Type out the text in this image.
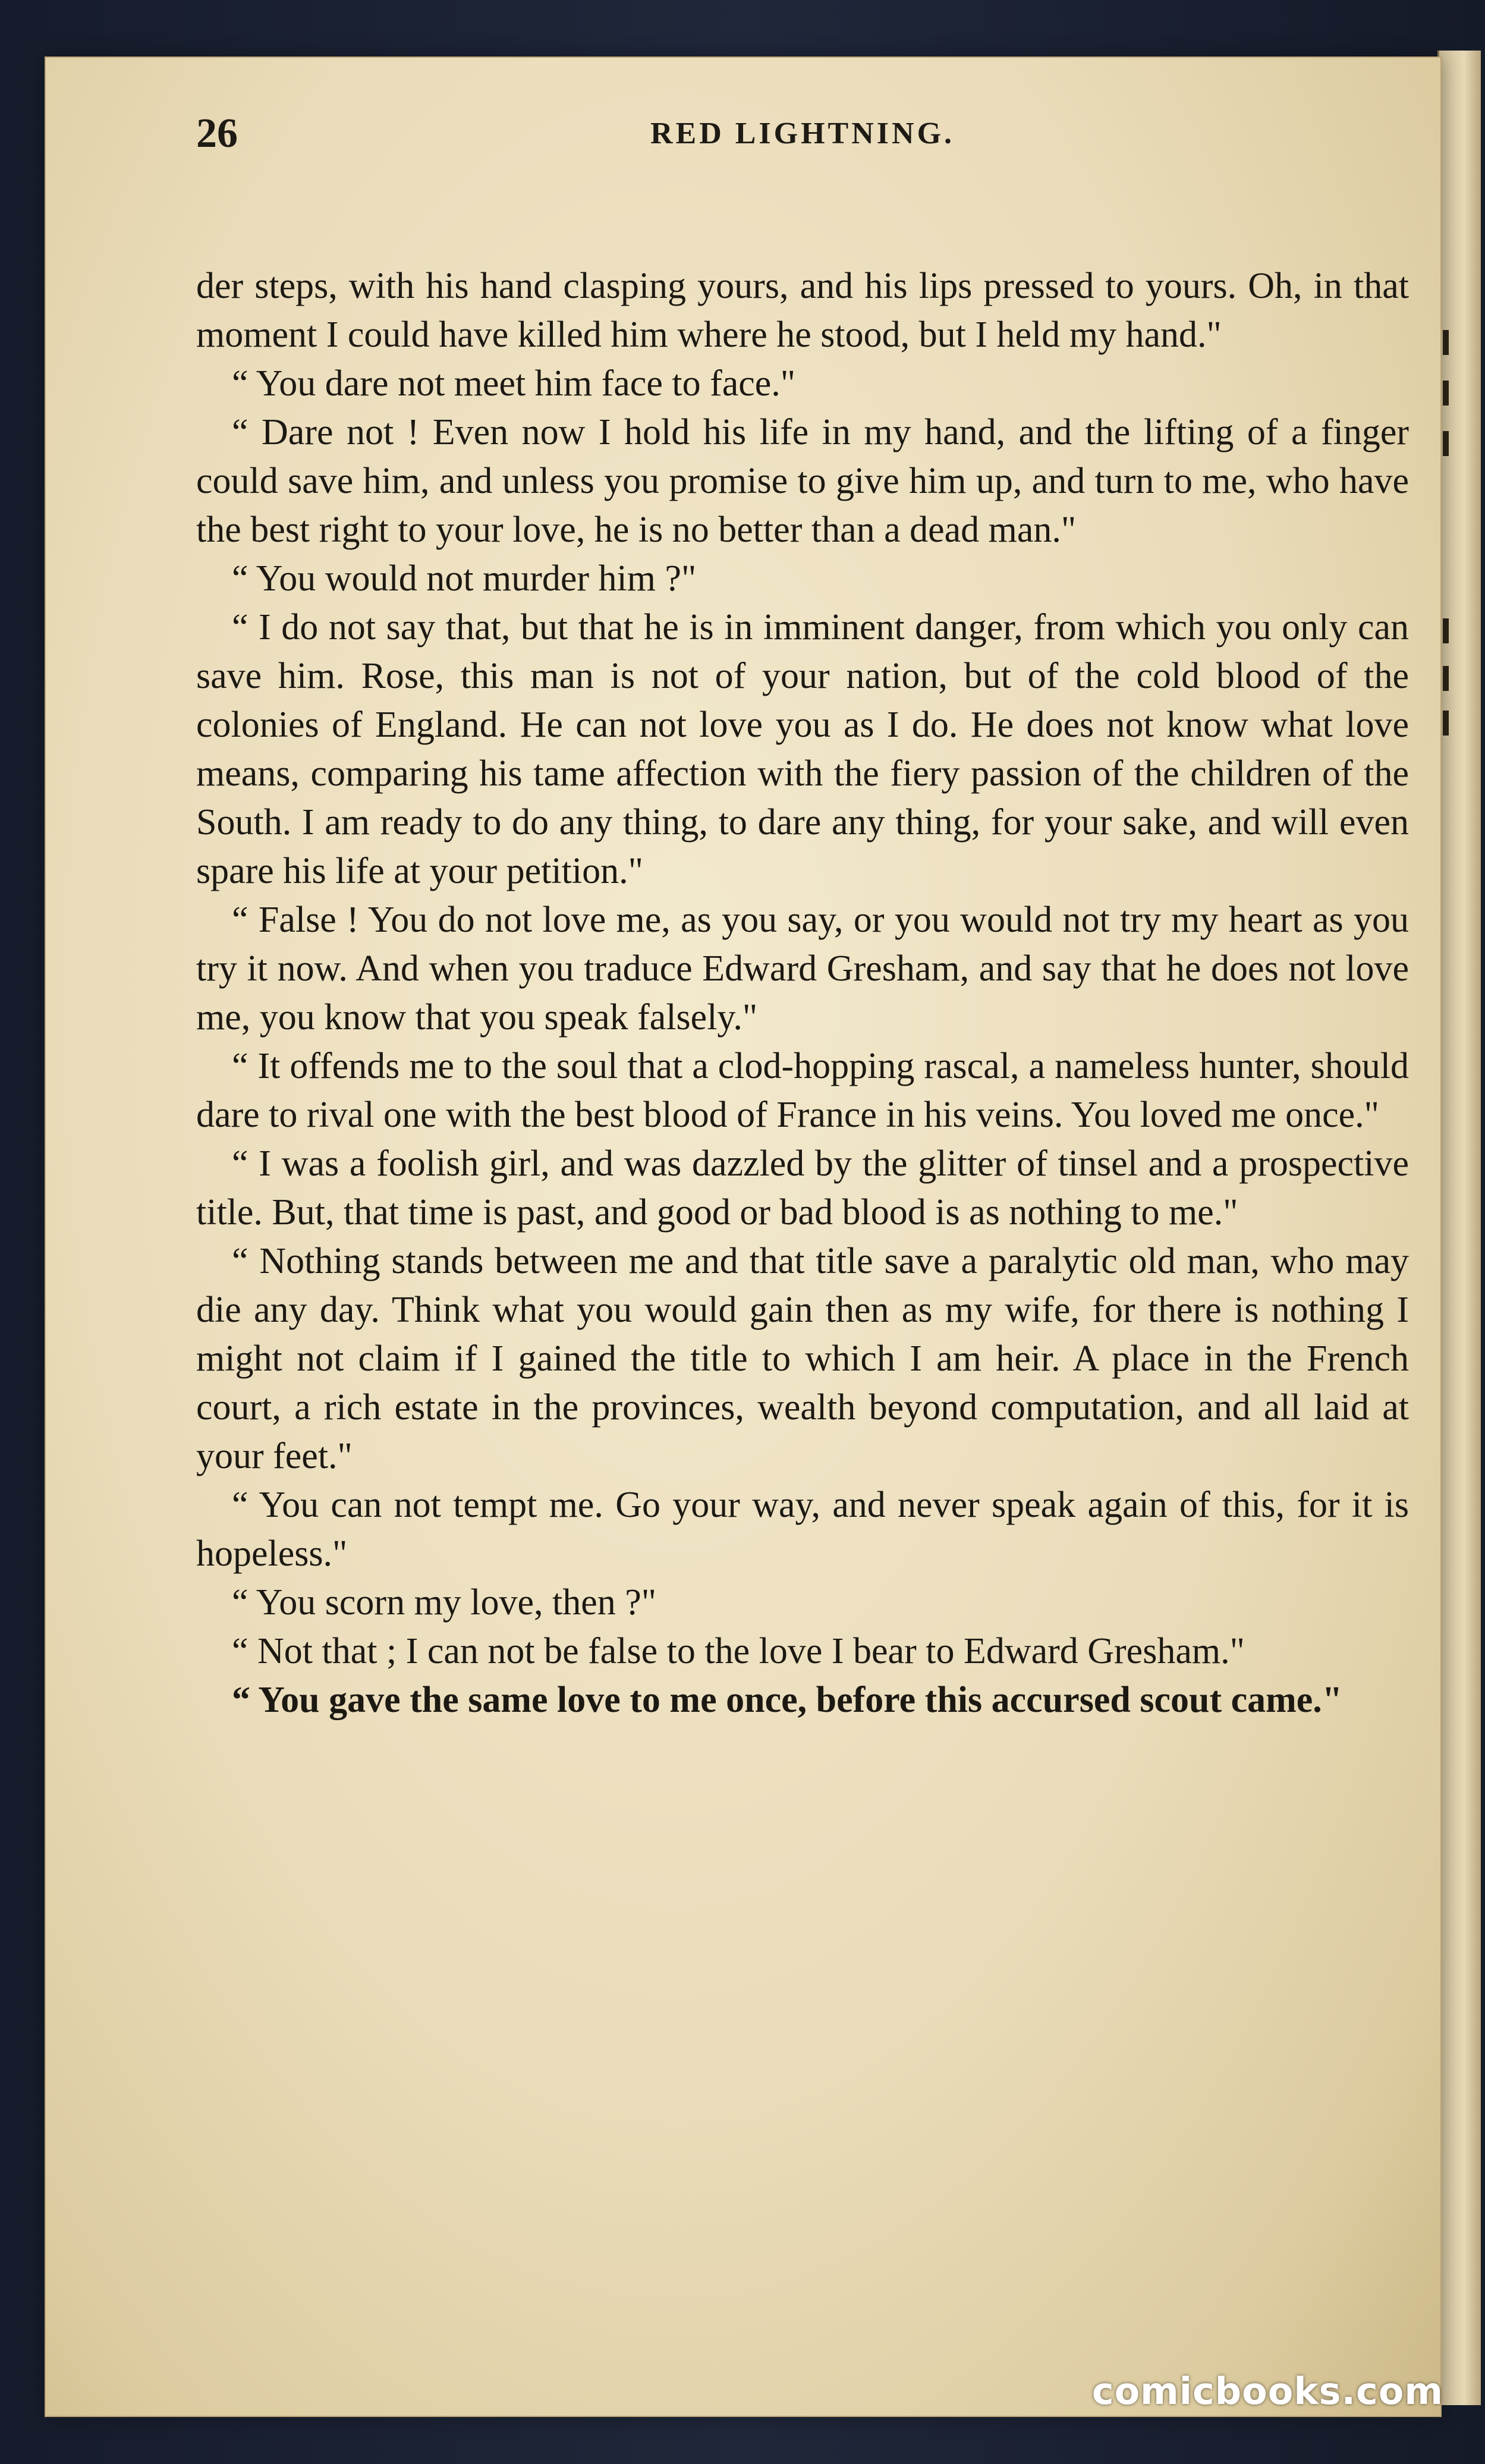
26	RED LIGHTNING.

der steps, with his hand clasping yours, and his lips pressed to yours. Oh, in that moment I could have killed him where he stood, but I held my hand."

“ You dare not meet him face to face."

“ Dare not ! Even now I hold his life in my hand, and the lifting of a finger could save him, and unless you promise to give him up, and turn to me, who have the best right to your love, he is no better than a dead man."

“ You would not murder him ?"

“ I do not say that, but that he is in imminent danger, from which you only can save him. Rose, this man is not of your nation, but of the cold blood of the colonies of England. He can not love you as I do. He does not know what love means, comparing his tame affection with the fiery passion of the children of the South. I am ready to do any thing, to dare any thing, for your sake, and will even spare his life at your petition."

“ False ! You do not love me, as you say, or you would not try my heart as you try it now. And when you traduce Edward Gresham, and say that he does not love me, you know that you speak falsely."

“ It offends me to the soul that a clod-hopping rascal, a nameless hunter, should dare to rival one with the best blood of France in his veins. You loved me once."

“ I was a foolish girl, and was dazzled by the glitter of tinsel and a prospective title. But, that time is past, and good or bad blood is as nothing to me."

“ Nothing stands between me and that title save a paralytic old man, who may die any day. Think what you would gain then as my wife, for there is nothing I might not claim if I gained the title to which I am heir. A place in the French court, a rich estate in the provinces, wealth beyond computation, and all laid at your feet."

“ You can not tempt me. Go your way, and never speak again of this, for it is hopeless."

“ You scorn my love, then ?"

“ Not that ; I can not be false to the love I bear to Edward Gresham."

“ You gave the same love to me once, before this accursed scout came."

comicbooks.com
